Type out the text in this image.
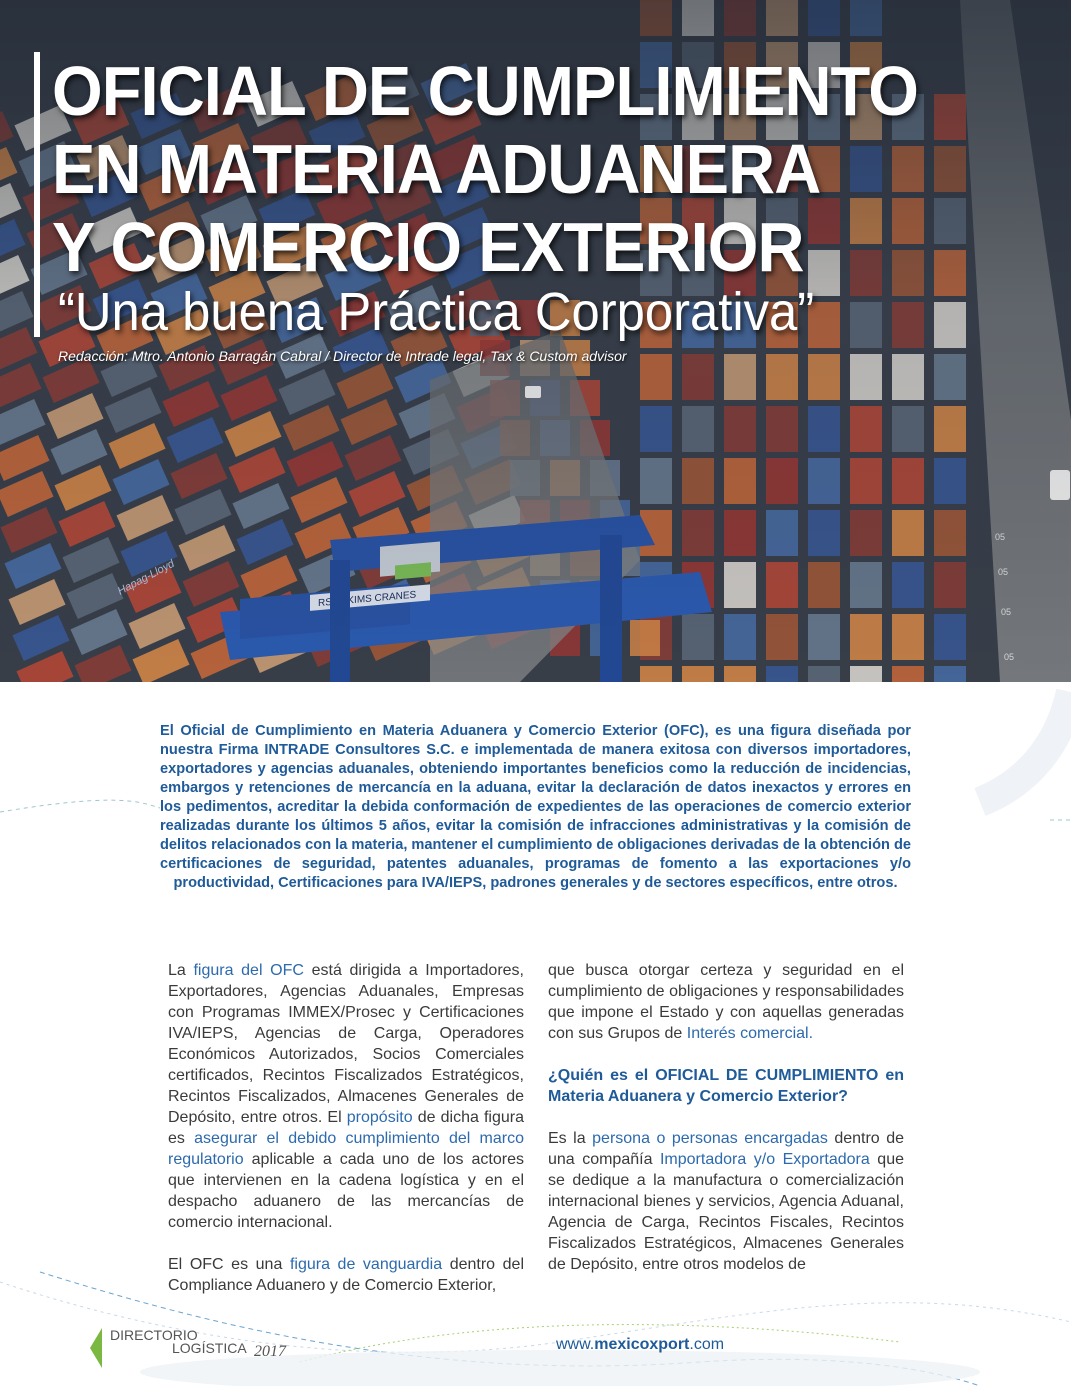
OFICIAL DE CUMPLIMIENTO
EN MATERIA ADUANERA
Y COMERCIO EXTERIOR
“Una buena Práctica Corporativa”
Redacción: Mtro. Antonio Barragán Cabral / Director de Intrade legal, Tax & Custom advisor

El Oficial de Cumplimiento en Materia Aduanera y Comercio Exterior (OFC), es una figura diseñada por nuestra Firma INTRADE Consultores S.C. e implementada de manera exitosa con diversos importadores, exportadores y agencias aduanales, obteniendo importantes beneficios como la reducción de incidencias, embargos y retenciones de mercancía en la aduana, evitar la declaración de datos inexactos y errores en los pedimentos, acreditar la debida conformación de expedientes de las operaciones de comercio exterior realizadas durante los últimos 5 años, evitar la comisión de infracciones administrativas y la comisión de delitos relacionados con la materia, mantener el cumplimiento de obligaciones derivadas de la obtención de certificaciones de seguridad, patentes aduanales, programas de fomento a las exportaciones y/o productividad, Certificaciones para IVA/IEPS, padrones generales y de sectores específicos, entre otros.

La figura del OFC está dirigida a Importadores, Exportadores, Agencias Aduanales, Empresas con Programas IMMEX/Prosec y Certificaciones IVA/IEPS, Agencias de Carga, Operadores Económicos Autorizados, Socios Comerciales certificados, Recintos Fiscalizados Estratégicos, Recintos Fiscalizados, Almacenes Generales de Depósito, entre otros. El propósito de dicha figura es asegurar el debido cumplimiento del marco regulatorio aplicable a cada uno de los actores que intervienen en la cadena logística y en el despacho aduanero de las mercancías de comercio internacional.

El OFC es una figura de vanguardia dentro del Compliance Aduanero y de Comercio Exterior,

que busca otorgar certeza y seguridad en el cumplimiento de obligaciones y responsabilidades que impone el Estado y con aquellas generadas con sus Grupos de Interés comercial.

¿Quién es el OFICIAL DE CUMPLIMIENTO en Materia Aduanera y Comercio Exterior?

Es la persona o personas encargadas dentro de una compañía Importadora y/o Exportadora que se dedique a la manufactura o comercialización internacional bienes y servicios, Agencia Aduanal, Agencia de Carga, Recintos Fiscales, Recintos Fiscalizados Estratégicos, Almacenes Generales de Depósito, entre otros modelos de

DIRECTORIO
LOGÍSTICA 2017	www.mexicoxport.com
